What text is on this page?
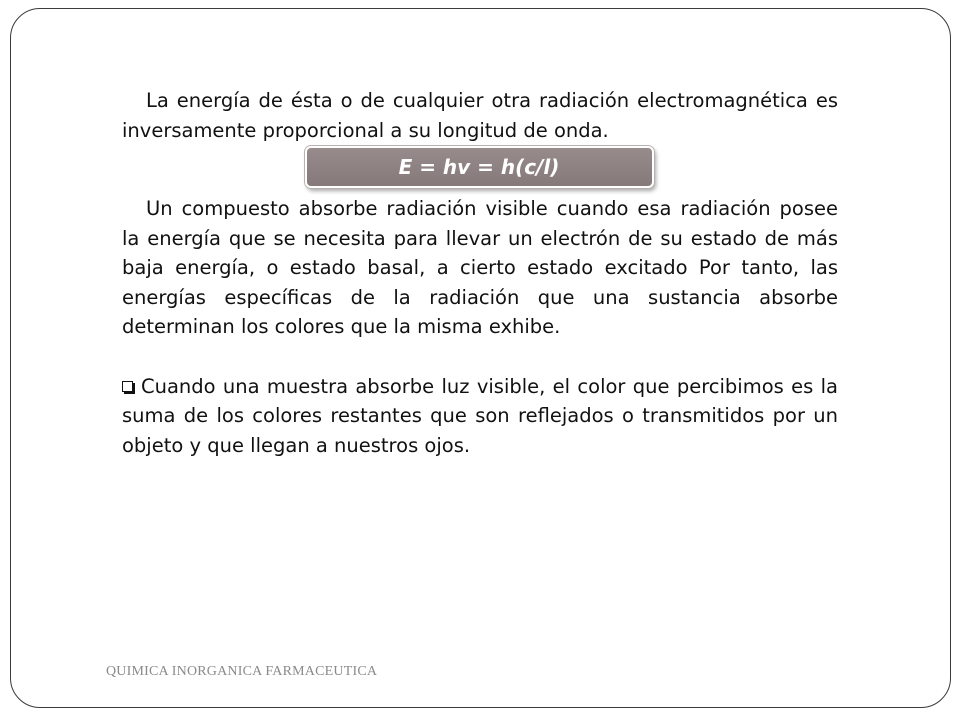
La energía de ésta o de cualquier otra radiación electromagnética es inversamente proporcional a su longitud de onda.

E = hv = h(c/l)

Un compuesto absorbe radiación visible cuando esa radiación posee la energía que se necesita para llevar un electrón de su estado de más baja energía, o estado basal, a cierto estado excitado Por tanto, las energías específicas de la radiación que una sustancia absorbe determinan los colores que la misma exhibe.

Cuando una muestra absorbe luz visible, el color que percibimos es la suma de los colores restantes que son reflejados o transmitidos por un objeto y que llegan a nuestros ojos.

QUIMICA INORGANICA FARMACEUTICA
